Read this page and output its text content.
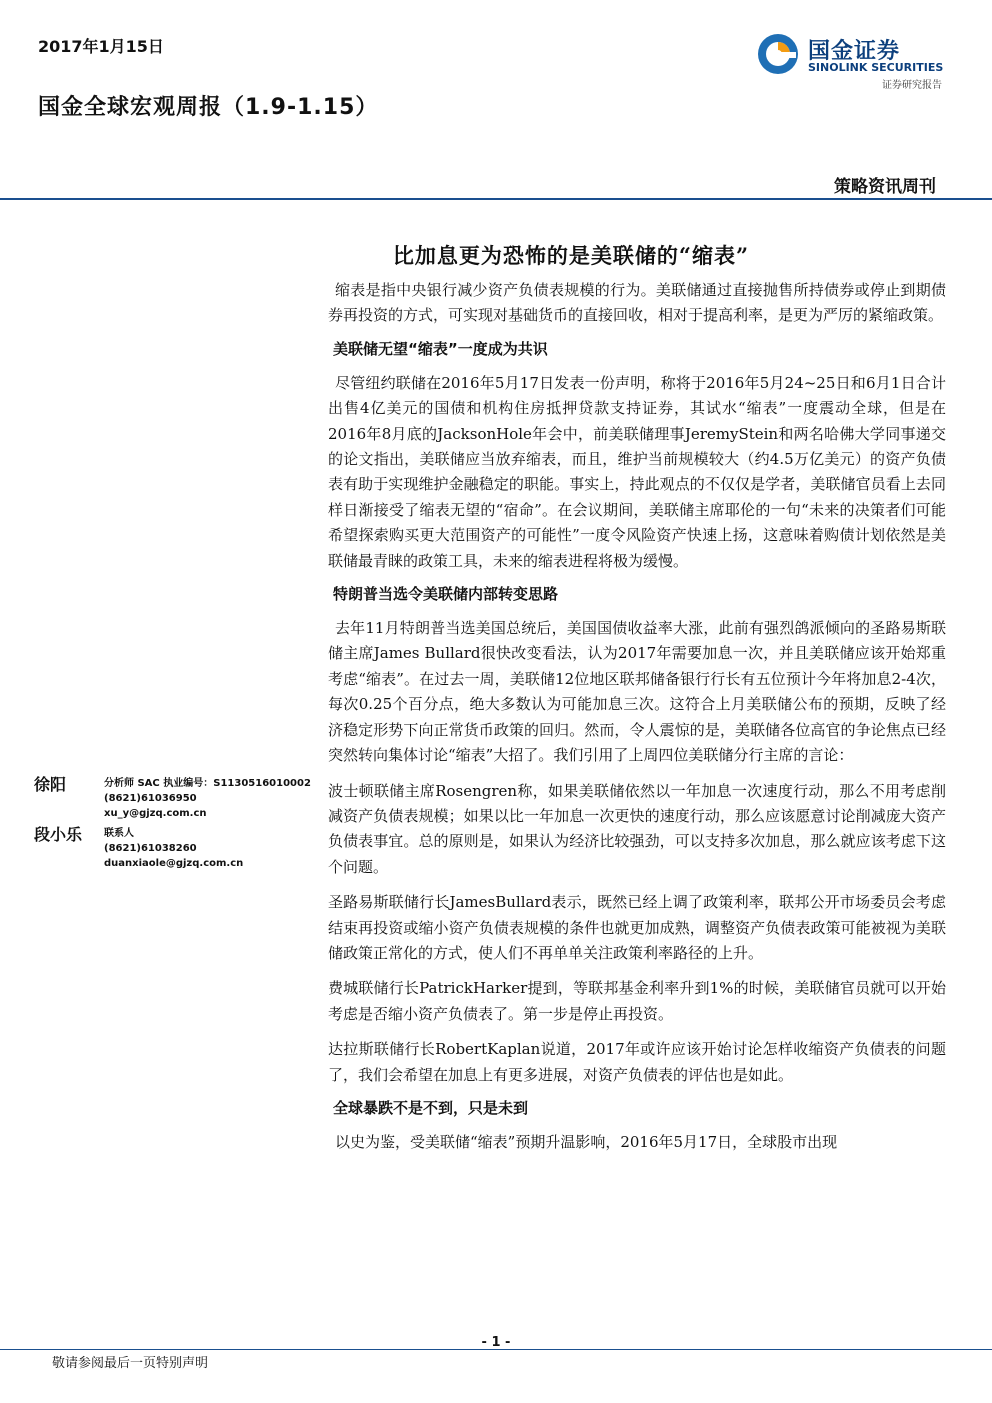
2017年1月15日
国金全球宏观周报（1.9-1.15）
国金证券
SINOLINK SECURITIES
证券研究报告
策略资讯周刊
比加息更为恐怖的是美联储的“缩表”

缩表是指中央银行减少资产负债表规模的行为。美联储通过直接抛售所持债券或停止到期债券再投资的方式，可实现对基础货币的直接回收，相对于提高利率，是更为严厉的紧缩政策。

美联储无望“缩表”一度成为共识

尽管纽约联储在2016年5月17日发表一份声明，称将于2016年5月24~25日和6月1日合计出售4亿美元的国债和机构住房抵押贷款支持证券，其试水“缩表”一度震动全球，但是在2016年8月底的JacksonHole年会中，前美联储理事JeremyStein和两名哈佛大学同事递交的论文指出，美联储应当放弃缩表，而且，维护当前规模较大（约4.5万亿美元）的资产负债表有助于实现维护金融稳定的职能。事实上，持此观点的不仅仅是学者，美联储官员看上去同样日渐接受了缩表无望的“宿命”。在会议期间，美联储主席耶伦的一句“未来的决策者们可能希望探索购买更大范围资产的可能性”一度令风险资产快速上扬，这意味着购债计划依然是美联储最青睐的政策工具，未来的缩表进程将极为缓慢。

特朗普当选令美联储内部转变思路

去年11月特朗普当选美国总统后，美国国债收益率大涨，此前有强烈鸽派倾向的圣路易斯联储主席James Bullard很快改变看法，认为2017年需要加息一次，并且美联储应该开始郑重考虑“缩表”。在过去一周，美联储12位地区联邦储备银行行长有五位预计今年将加息2-4次，每次0.25个百分点，绝大多数认为可能加息三次。这符合上月美联储公布的预期，反映了经济稳定形势下向正常货币政策的回归。然而，令人震惊的是，美联储各位高官的争论焦点已经突然转向集体讨论“缩表”大招了。我们引用了上周四位美联储分行主席的言论：

波士顿联储主席Rosengren称，如果美联储依然以一年加息一次速度行动，那么不用考虑削减资产负债表规模；如果以比一年加息一次更快的速度行动，那么应该愿意讨论削减庞大资产负债表事宜。总的原则是，如果认为经济比较强劲，可以支持多次加息，那么就应该考虑下这个问题。

圣路易斯联储行长JamesBullard表示，既然已经上调了政策利率，联邦公开市场委员会考虑结束再投资或缩小资产负债表规模的条件也就更加成熟，调整资产负债表政策可能被视为美联储政策正常化的方式，使人们不再单单关注政策利率路径的上升。

费城联储行长PatrickHarker提到，等联邦基金利率升到1%的时候，美联储官员就可以开始考虑是否缩小资产负债表了。第一步是停止再投资。

达拉斯联储行长RobertKaplan说道，2017年或许应该开始讨论怎样收缩资产负债表的问题了，我们会希望在加息上有更多进展，对资产负债表的评估也是如此。

全球暴跌不是不到，只是未到

以史为鉴，受美联储“缩表”预期升温影响，2016年5月17日，全球股市出现

徐阳	分析师 SAC 执业编号：S1130516010002
(8621)61036950
xu_y@gjzq.com.cn
段小乐 联系人
(8621)61038260
duanxiaole@gjzq.com.cn
- 1 -
敬请参阅最后一页特别声明
